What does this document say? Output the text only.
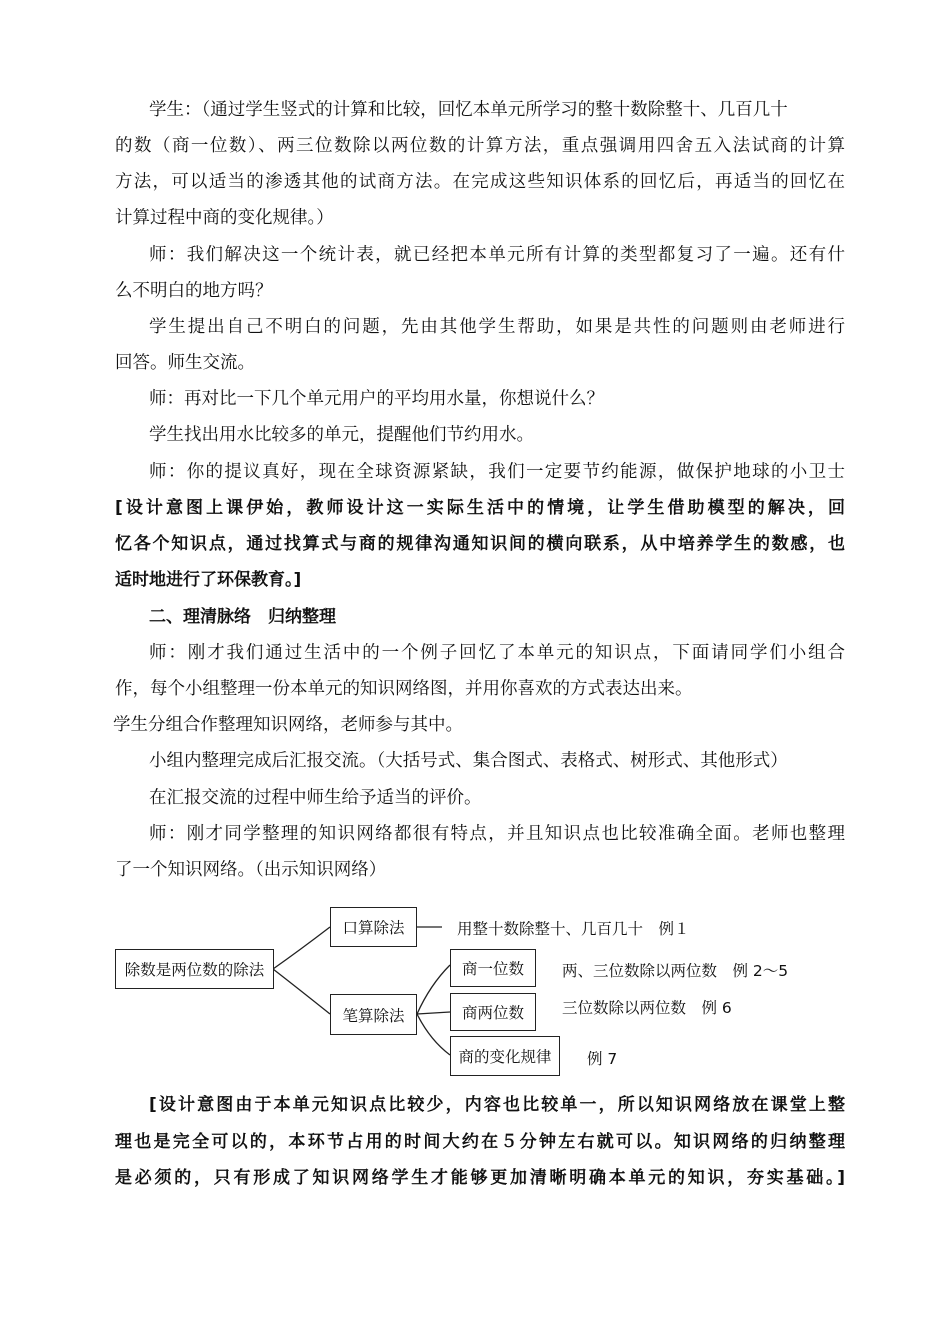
学生：（通过学生竖式的计算和比较，回忆本单元所学习的整十数除整十、几百几十
的数（商一位数）、两三位数除以两位数的计算方法，重点强调用四舍五入法试商的计算
方法，可以适当的渗透其他的试商方法。在完成这些知识体系的回忆后，再适当的回忆在
计算过程中商的变化规律。）
师：我们解决这一个统计表，就已经把本单元所有计算的类型都复习了一遍。还有什
么不明白的地方吗？
学生提出自己不明白的问题，先由其他学生帮助，如果是共性的问题则由老师进行
回答。师生交流。
师：再对比一下几个单元用户的平均用水量，你想说什么？
学生找出用水比较多的单元，提醒他们节约用水。
师：你的提议真好，现在全球资源紧缺，我们一定要节约能源，做保护地球的小卫士
[设计意图上课伊始，教师设计这一实际生活中的情境，让学生借助模型的解决，回
忆各个知识点，通过找算式与商的规律沟通知识间的横向联系，从中培养学生的数感，也
适时地进行了环保教育。]
二、理清脉络　归纳整理
师：刚才我们通过生活中的一个例子回忆了本单元的知识点，下面请同学们小组合
作，每个小组整理一份本单元的知识网络图，并用你喜欢的方式表达出来。
学生分组合作整理知识网络，老师参与其中。
小组内整理完成后汇报交流。（大括号式、集合图式、表格式、树形式、其他形式）
在汇报交流的过程中师生给予适当的评价。
师：刚才同学整理的知识网络都很有特点，并且知识点也比较准确全面。老师也整理
了一个知识网络。（出示知识网络）
除数是两位数的除法
口算除法
笔算除法
商一位数
商两位数
商的变化规律
用整十数除整十、几百几十　例１
两、三位数除以两位数　例 2～5
三位数除以两位数　例 6
例 7
[设计意图由于本单元知识点比较少，内容也比较单一，所以知识网络放在课堂上整
理也是完全可以的，本环节占用的时间大约在５分钟左右就可以。知识网络的归纳整理
是必须的，只有形成了知识网络学生才能够更加清晰明确本单元的知识，夯实基础。]
